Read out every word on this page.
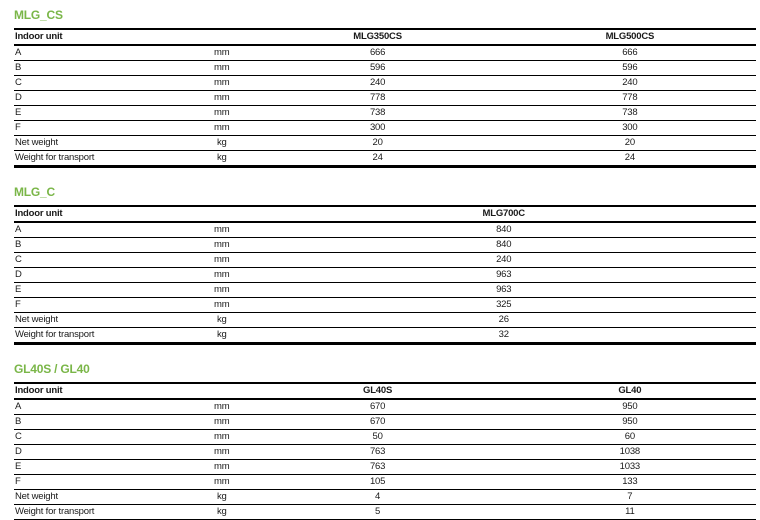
MLG_CS
Indoor unit		MLG350CS	MLG500CS
A	mm	666	666
B	mm	596	596
C	mm	240	240
D	mm	778	778
E	mm	738	738
F	mm	300	300
Net weight	kg	20	20
Weight for transport	kg	24	24
MLG_C
Indoor unit		MLG700C
A	mm	840
B	mm	840
C	mm	240
D	mm	963
E	mm	963
F	mm	325
Net weight	kg	26
Weight for transport	kg	32
GL40S / GL40
Indoor unit		GL40S	GL40
A	mm	670	950
B	mm	670	950
C	mm	50	60
D	mm	763	1038
E	mm	763	1033
F	mm	105	133
Net weight	kg	4	7
Weight for transport	kg	5	11
